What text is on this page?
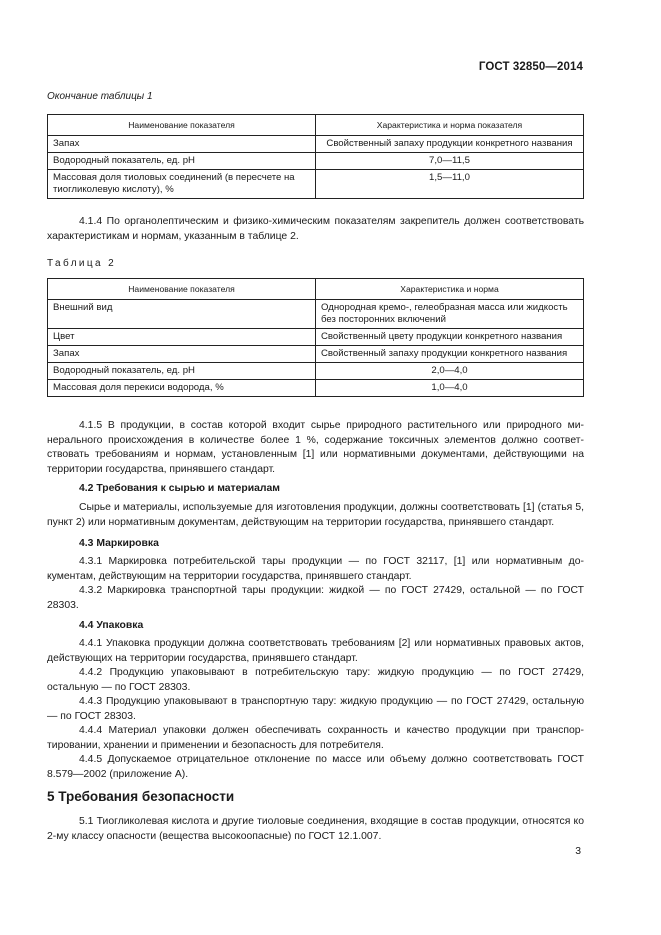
ГОСТ 32850—2014
Окончание таблицы 1
Наименование показателя	Характеристика и норма показателя
Запах	Свойственный запаху продукции конкретного названия
Водородный показатель, ед. рН	7,0—11,5
Массовая доля тиоловых соединений (в пересчете на тиогликолевую кислоту), %	1,5—11,0
4.1.4 По органолептическим и физико-химическим показателям закрепитель должен соответствовать характеристикам и нормам, указанным в таблице 2.
Таблица 2
Наименование показателя	Характеристика и норма
Внешний вид	Однородная кремо-, гелеобразная масса или жидкость без посторонних включений
Цвет	Свойственный цвету продукции конкретного названия
Запах	Свойственный запаху продукции конкретного названия
Водородный показатель, ед. рН	2,0—4,0
Массовая доля перекиси водорода, %	1,0—4,0
4.1.5 В продукции, в состав которой входит сырье природного растительного или природного минерального происхождения в количестве более 1 %, содержание токсичных элементов должно соответствовать требованиям и нормам, установленным [1] или нормативными документами, действующими на территории государства, принявшего стандарт.
4.2 Требования к сырью и материалам
Сырье и материалы, используемые для изготовления продукции, должны соответствовать [1] (статья 5, пункт 2) или нормативным документам, действующим на территории государства, принявшего стандарт.
4.3 Маркировка
4.3.1 Маркировка потребительской тары продукции — по ГОСТ 32117, [1] или нормативным документам, действующим на территории государства, принявшего стандарт.
4.3.2 Маркировка транспортной тары продукции: жидкой — по ГОСТ 27429, остальной — по ГОСТ 28303.
4.4 Упаковка
4.4.1 Упаковка продукции должна соответствовать требованиям [2] или нормативных правовых актов, действующих на территории государства, принявшего стандарт.
4.4.2 Продукцию упаковывают в потребительскую тару: жидкую продукцию — по ГОСТ 27429, остальную — по ГОСТ 28303.
4.4.3 Продукцию упаковывают в транспортную тару: жидкую продукцию — по ГОСТ 27429, остальную — по ГОСТ 28303.
4.4.4 Материал упаковки должен обеспечивать сохранность и качество продукции при транспортировании, хранении и применении и безопасность для потребителя.
4.4.5 Допускаемое отрицательное отклонение по массе или объему должно соответствовать ГОСТ 8.579—2002 (приложение А).
5 Требования безопасности
5.1 Тиогликолевая кислота и другие тиоловые соединения, входящие в состав продукции, относятся ко 2-му классу опасности (вещества высокоопасные) по ГОСТ 12.1.007.
3
